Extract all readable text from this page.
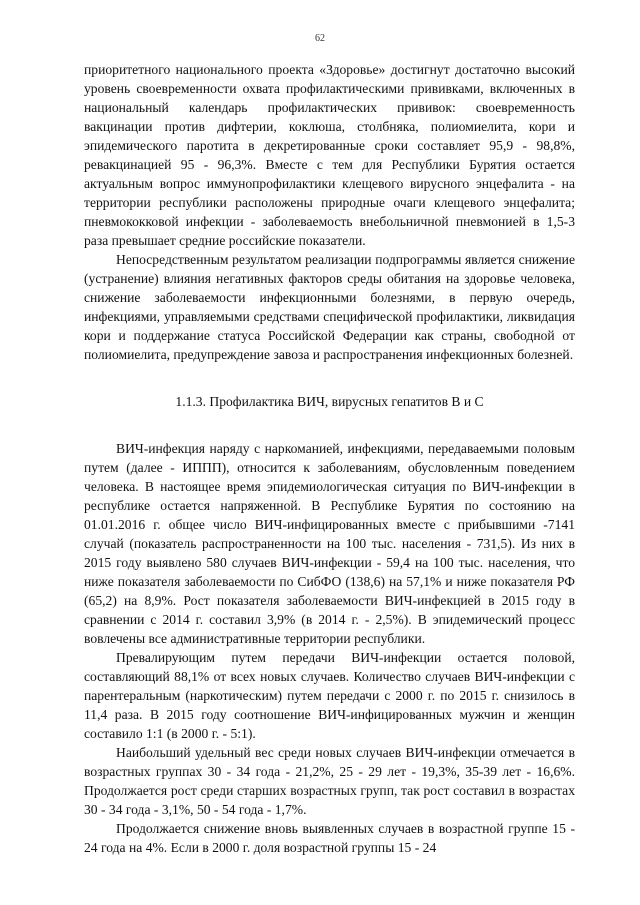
62

приоритетного национального проекта «Здоровье» достигнут достаточно высокий уровень своевременности охвата профилактическими прививками, включенных в национальный календарь профилактических прививок: своевременность вакцинации против дифтерии, коклюша, столбняка, полиомиелита, кори и эпидемического паротита в декретированные сроки составляет 95,9 - 98,8%, ревакцинацией 95 - 96,3%. Вместе с тем для Республики Бурятия остается актуальным вопрос иммунопрофилактики клещевого вирусного энцефалита - на территории республики расположены природные очаги клещевого энцефалита; пневмококковой инфекции - заболеваемость внебольничной пневмонией в 1,5-3 раза превышает средние российские показатели.

Непосредственным результатом реализации подпрограммы является снижение (устранение) влияния негативных факторов среды обитания на здоровье человека, снижение заболеваемости инфекционными болезнями, в первую очередь, инфекциями, управляемыми средствами специфической профилактики, ликвидация кори и поддержание статуса Российской Федерации как страны, свободной от полиомиелита, предупреждение завоза и распространения инфекционных болезней.

1.1.3. Профилактика ВИЧ, вирусных гепатитов В и С

ВИЧ-инфекция наряду с наркоманией, инфекциями, передаваемыми половым путем (далее - ИППП), относится к заболеваниям, обусловленным поведением человека. В настоящее время эпидемиологическая ситуация по ВИЧ-инфекции в республике остается напряженной. В Республике Бурятия по состоянию на 01.01.2016 г. общее число ВИЧ-инфицированных вместе с прибывшими -7141 случай (показатель распространенности на 100 тыс. населения - 731,5). Из них в 2015 году выявлено 580 случаев ВИЧ-инфекции - 59,4 на 100 тыс. населения, что ниже показателя заболеваемости по СибФО (138,6) на 57,1% и ниже показателя РФ (65,2) на 8,9%. Рост показателя заболеваемости ВИЧ-инфекцией в 2015 году в сравнении с 2014 г. составил 3,9% (в 2014 г. - 2,5%). В эпидемический процесс вовлечены все административные территории республики.

Превалирующим путем передачи ВИЧ-инфекции остается половой, составляющий 88,1% от всех новых случаев. Количество случаев ВИЧ-инфекции с парентеральным (наркотическим) путем передачи с 2000 г. по 2015 г. снизилось в 11,4 раза. В 2015 году соотношение ВИЧ-инфицированных мужчин и женщин составило 1:1 (в 2000 г. - 5:1).

Наибольший удельный вес среди новых случаев ВИЧ-инфекции отмечается в возрастных группах 30 - 34 года - 21,2%, 25 - 29 лет - 19,3%, 35-39 лет - 16,6%. Продолжается рост среди старших возрастных групп, так рост составил в возрастах 30 - 34 года - 3,1%, 50 - 54 года - 1,7%.

Продолжается снижение вновь выявленных случаев в возрастной группе 15 - 24 года на 4%. Если в 2000 г. доля возрастной группы 15 - 24
